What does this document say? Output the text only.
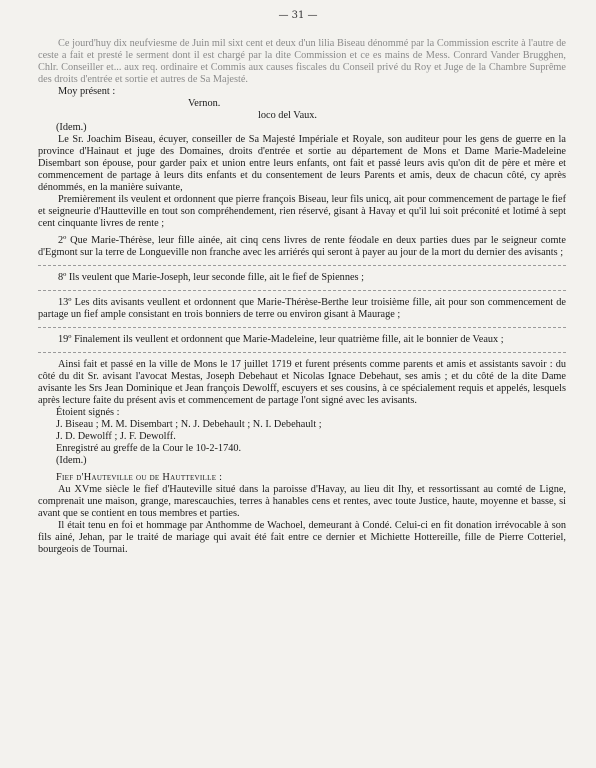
— 31 —

Ce jourd'huy dix neufviesme de Juin mil sixt cent et deux d'un lilia Biseau dénommé par la Commission escrite à l'autre de ceste a fait et presté le serment dont il est chargé par la dite Commission et ce es mains de Mess. Conrard Vander Brugghen, Chlr. Conseiller et... aux req. ordinaire et Commis aux causes fiscales du Conseil privé du Roy et Juge de la Chambre Suprême des droits d'entrée et sortie et autres de Sa Majesté.

Moy présent :

Vernon.

loco del Vaux.

(Idem.)

Le Sr. Joachim Biseau, écuyer, conseiller de Sa Majesté Impériale et Royale, son auditeur pour les gens de guerre en la province d'Hainaut et juge des Domaines, droits d'entrée et sortie au département de Mons et Dame Marie-Madeleine Disembart son épouse, pour garder paix et union entre leurs enfants, ont fait et passé leurs avis qu'on dit de père et mère et commencement de partage à leurs dits enfants et du consentement de leurs Parents et amis, deux de chacun côté, cy après dénommés, en la manière suivante,

Premièrement ils veulent et ordonnent que pierre françois Biseau, leur fils unicq, ait pour commencement de partage le fief et seigneurie d'Hautteville en tout son compréhendement, rien réservé, gisant à Havay et qu'il lui soit préconité et lotimé à sept cent cinquante livres de rente ;

2º Que Marie-Thérèse, leur fille ainée, ait cinq cens livres de rente féodale en deux parties dues par le seigneur comte d'Egmont sur la terre de Longueville non franche avec les arriérés qui seront à payer au jour de la mort du dernier des avisants ;

8º Ils veulent que Marie-Joseph, leur seconde fille, ait le fief de Spiennes ;

13º Les dits avisants veullent et ordonnent que Marie-Thérèse-Berthe leur troisième fille, ait pour son commencement de partage un fief ample consistant en trois bonniers de terre ou environ gisant à Maurage ;

19º Finalement ils veullent et ordonnent que Marie-Madeleine, leur quatrième fille, ait le bonnier de Veaux ;

Ainsi fait et passé en la ville de Mons le 17 juillet 1719 et furent présents comme parents et amis et assistants savoir : du côté du dit Sr. avisant l'avocat Mestas, Joseph Debehaut et Nicolas Ignace Debehaut, ses amis ; et du côté de la dite Dame avisante les Srs Jean Dominique et Jean françois Dewolff, escuyers et ses cousins, à ce spécialement requis et appelés, lesquels après lecture faite du présent avis et commencement de partage l'ont signé avec les avisants.

Étoient signés :

J. Biseau ; M. M. Disembart ; N. J. Debehault ; N. I. Debehault ;

J. D. Dewolff ; J. F. Dewolff.

Enregistré au greffe de la Cour le 10-2-1740.

(Idem.)

Fief d'Hauteville ou de Hautteville :

Au XVme siècle le fief d'Hauteville situé dans la paroisse d'Havay, au lieu dit Ihy, et ressortissant au comté de Ligne, comprenait une maison, grange, marescauchies, terres à hanables cens et rentes, avec toute Justice, haute, moyenne et basse, si avant que se contient en tous membres et parties.

Il était tenu en foi et hommage par Anthomme de Wachoel, demeurant à Condé. Celui-ci en fit donation irrévocable à son fils ainé, Jehan, par le traité de mariage qui avait été fait entre ce dernier et Michiette Hottereille, fille de Pierre Cotteriel, bourgeois de Tournai.
